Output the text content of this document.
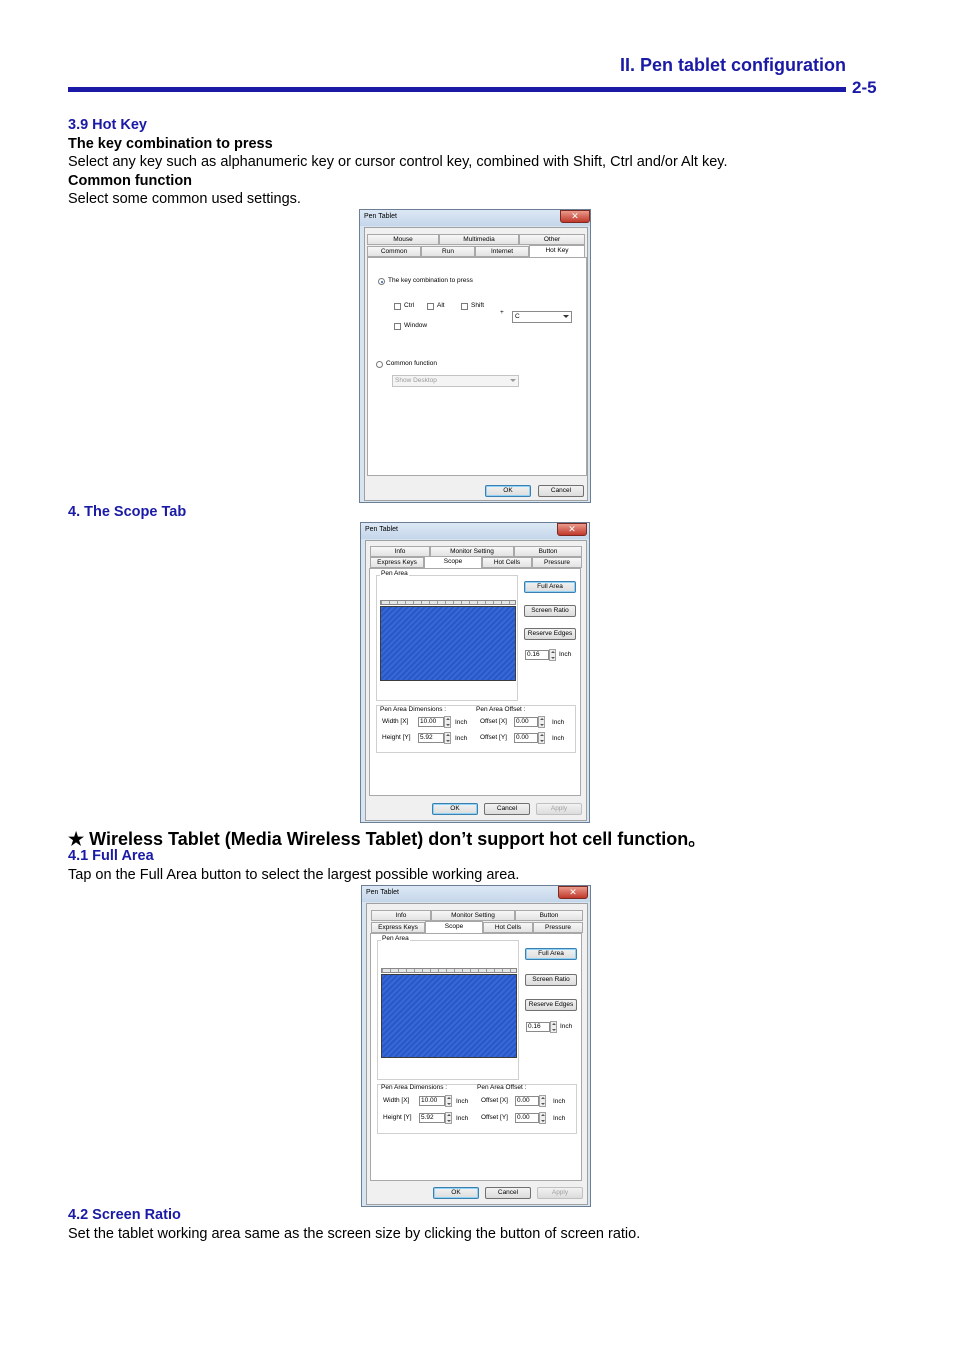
II. Pen tablet configuration
2-5
3.9 Hot Key
The key combination to press
Select any key such as alphanumeric key or cursor control key, combined with Shift, Ctrl and/or Alt key.
Common function
Select some common used settings.
Pen Tablet	✕
Mouse	Multimedia	Other
Common	Run	Internet	Hot Key
The key combination to press
Ctrl	Alt	Shift
Window
+
C
Common function
Show Desktop
OK	Cancel
4. The Scope Tab
Pen Tablet	✕
Info	Monitor Setting	Button
Express Keys	Scope	Hot Cells	Pressure
Pen Area
Full Area
Screen Ratio
Reserve Edges
0.16	Inch
Pen Area Dimensions :
Width [X]	10.00	Inch
Height [Y]	5.92	Inch
Pen Area Offset :
Offset [X]	0.00	Inch
Offset [Y]	0.00	Inch
OK	Cancel	Apply
★ Wireless Tablet (Media Wireless Tablet) don’t support hot cell function。
4.1 Full Area
Tap on the Full Area button to select the largest possible working area.
Pen Tablet	✕
Info	Monitor Setting	Button
Express Keys	Scope	Hot Cells	Pressure
Pen Area
Full Area
Screen Ratio
Reserve Edges
0.16	Inch
Pen Area Dimensions :
Width [X]	10.00	Inch
Height [Y]	5.92	Inch
Pen Area Offset :
Offset [X]	0.00	Inch
Offset [Y]	0.00	Inch
OK	Cancel	Apply
4.2 Screen Ratio
Set the tablet working area same as the screen size by clicking the button of screen ratio.
